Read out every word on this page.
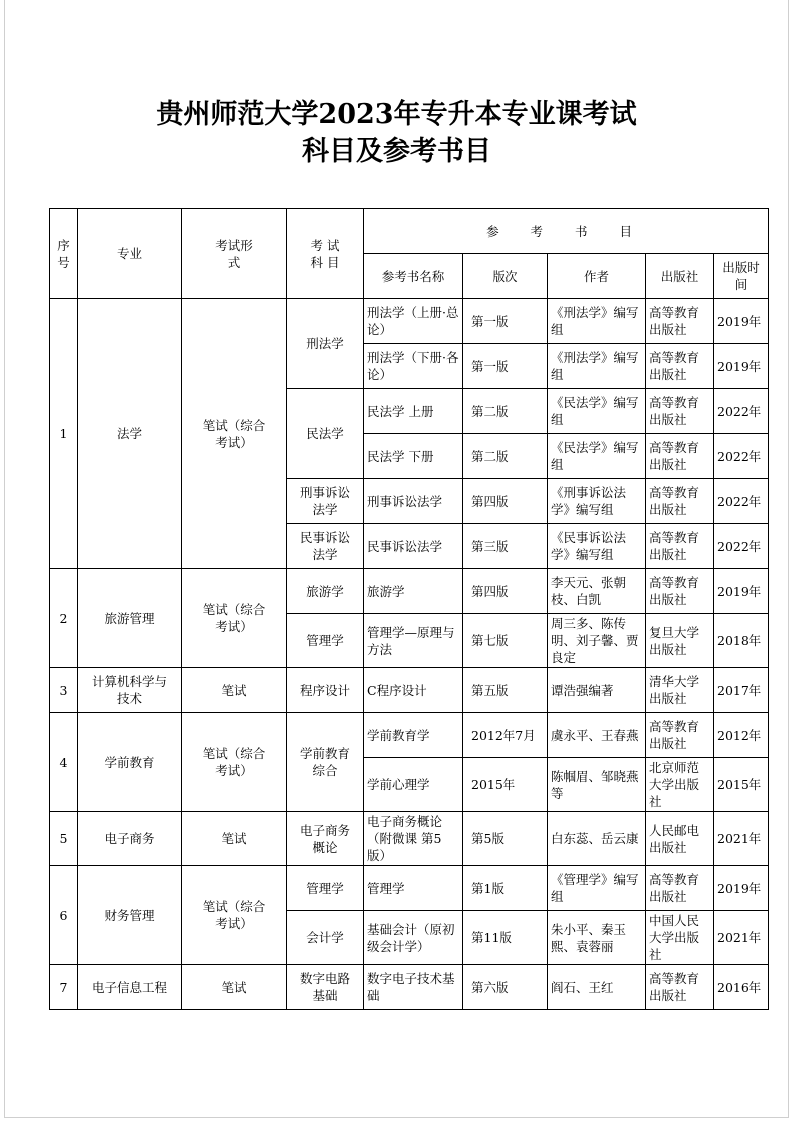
贵州师范大学2023年专升本专业课考试
科目及参考书目
序号	专业	考试形式	考 试 科 目	参 考 书 目				
				参考书名称	版次	作者	出版社	出版时间
1	法学	笔试（综合考试）	刑法学	刑法学（上册·总论）	第一版	《刑法学》编写组	高等教育出版社	2019年
				刑法学（下册·各论）	第一版	《刑法学》编写组	高等教育出版社	2019年
			民法学	民法学 上册	第二版	《民法学》编写组	高等教育出版社	2022年
				民法学 下册	第二版	《民法学》编写组	高等教育出版社	2022年
			刑事诉讼法学	刑事诉讼法学	第四版	《刑事诉讼法学》编写组	高等教育出版社	2022年
			民事诉讼法学	民事诉讼法学	第三版	《民事诉讼法学》编写组	高等教育出版社	2022年
2	旅游管理	笔试（综合考试）	旅游学	旅游学	第四版	李天元、张朝枝、白凯	高等教育出版社	2019年
			管理学	管理学—原理与方法	第七版	周三多、陈传明、刘子馨、贾良定	复旦大学出版社	2018年
3	计算机科学与技术	笔试	程序设计	C程序设计	第五版	谭浩强编著	清华大学出版社	2017年
4	学前教育	笔试（综合考试）	学前教育综合	学前教育学	2012年7月	虞永平、王春燕	高等教育出版社	2012年
				学前心理学	2015年	陈帼眉、邹晓燕等	北京师范大学出版社	2015年
5	电子商务	笔试	电子商务概论	电子商务概论（附微课 第5版）	第5版	白东蕊、岳云康	人民邮电出版社	2021年
6	财务管理	笔试（综合考试）	管理学	管理学	第1版	《管理学》编写组	高等教育出版社	2019年
			会计学	基础会计（原初级会计学）	第11版	朱小平、秦玉熙、袁蓉丽	中国人民大学出版社	2021年
7	电子信息工程	笔试	数字电路基础	数字电子技术基础	第六版	阎石、王红	高等教育出版社	2016年
